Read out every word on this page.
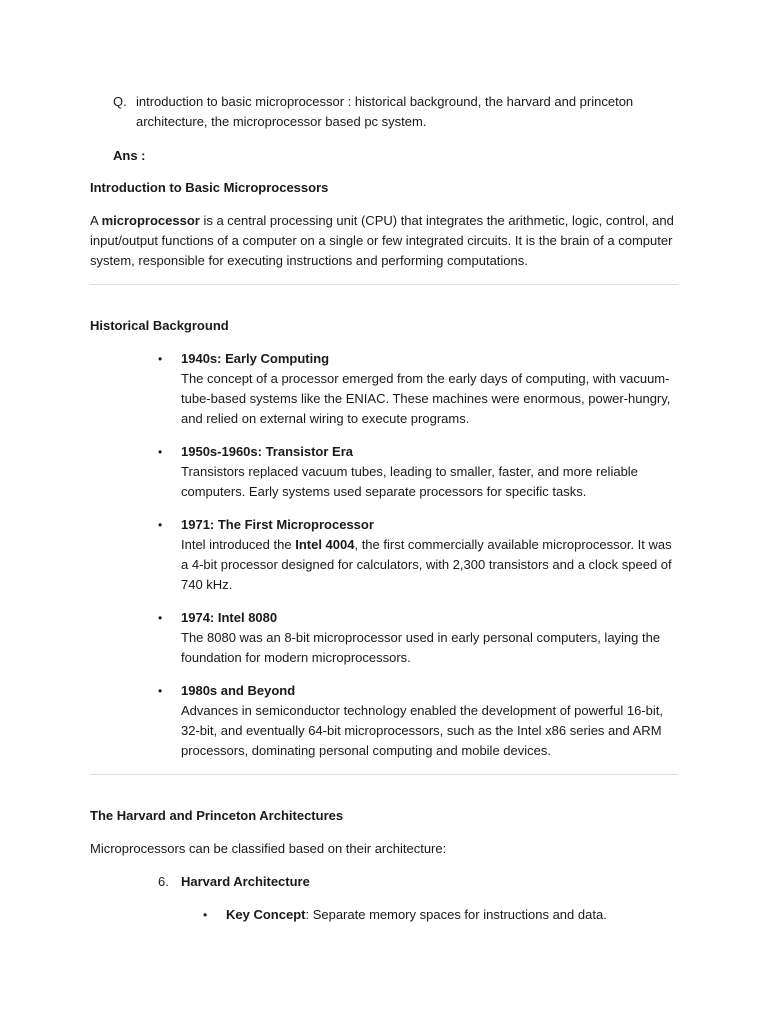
Q. introduction to basic microprocessor : historical background, the harvard and princeton architecture, the microprocessor based pc system.
Ans :
Introduction to Basic Microprocessors
A microprocessor is a central processing unit (CPU) that integrates the arithmetic, logic, control, and input/output functions of a computer on a single or few integrated circuits. It is the brain of a computer system, responsible for executing instructions and performing computations.
Historical Background
•	1940s: Early Computing
The concept of a processor emerged from the early days of computing, with vacuum-tube-based systems like the ENIAC. These machines were enormous, power-hungry, and relied on external wiring to execute programs.
•	1950s-1960s: Transistor Era
Transistors replaced vacuum tubes, leading to smaller, faster, and more reliable computers. Early systems used separate processors for specific tasks.
•	1971: The First Microprocessor
Intel introduced the Intel 4004, the first commercially available microprocessor. It was a 4-bit processor designed for calculators, with 2,300 transistors and a clock speed of 740 kHz.
•	1974: Intel 8080
The 8080 was an 8-bit microprocessor used in early personal computers, laying the foundation for modern microprocessors.
•	1980s and Beyond
Advances in semiconductor technology enabled the development of powerful 16-bit, 32-bit, and eventually 64-bit microprocessors, such as the Intel x86 series and ARM processors, dominating personal computing and mobile devices.
The Harvard and Princeton Architectures
Microprocessors can be classified based on their architecture:
6. Harvard Architecture
•	Key Concept: Separate memory spaces for instructions and data.
